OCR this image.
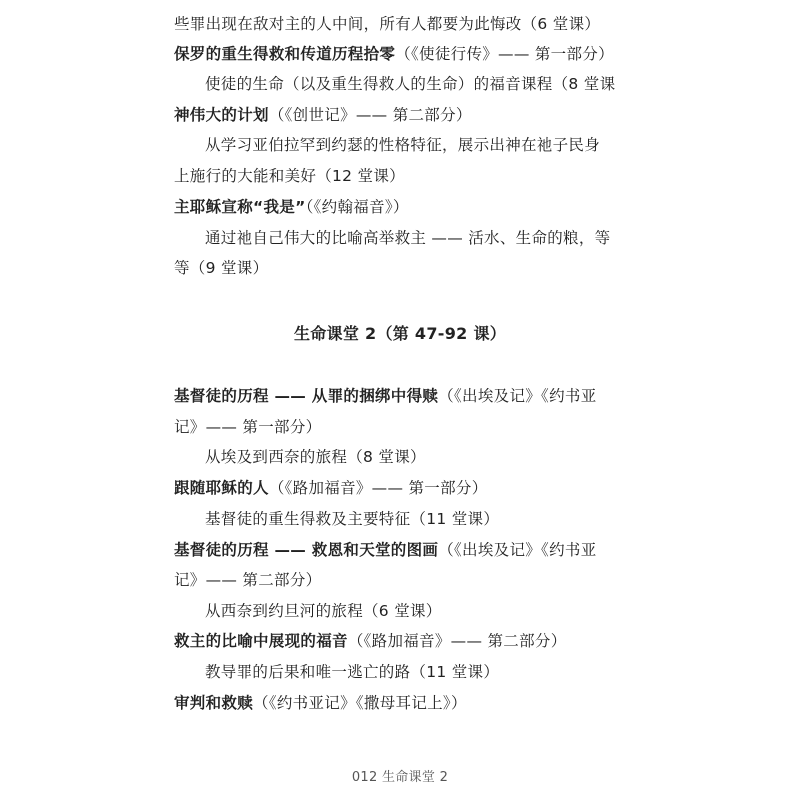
些罪出现在敌对主的人中间，所有人都要为此悔改（6 堂课）
保罗的重生得救和传道历程拾零（《使徒行传》—— 第一部分）
使徒的生命（以及重生得救人的生命）的福音课程（8 堂课
神伟大的计划（《创世记》—— 第二部分）
从学习亚伯拉罕到约瑟的性格特征，展示出神在祂子民身
上施行的大能和美好（12 堂课）
主耶稣宣称“我是”（《约翰福音》）
通过祂自己伟大的比喻高举救主 —— 活水、生命的粮，等
等（9 堂课）
生命课堂 2（第 47-92 课）
基督徒的历程 —— 从罪的捆绑中得赎（《出埃及记》《约书亚
记》—— 第一部分）
从埃及到西奈的旅程（8 堂课）
跟随耶稣的人（《路加福音》—— 第一部分）
基督徒的重生得救及主要特征（11 堂课）
基督徒的历程 —— 救恩和天堂的图画（《出埃及记》《约书亚
记》—— 第二部分）
从西奈到约旦河的旅程（6 堂课）
救主的比喻中展现的福音（《路加福音》—— 第二部分）
教导罪的后果和唯一逃亡的路（11 堂课）
审判和救赎（《约书亚记》《撒母耳记上》）
012 生命课堂 2
